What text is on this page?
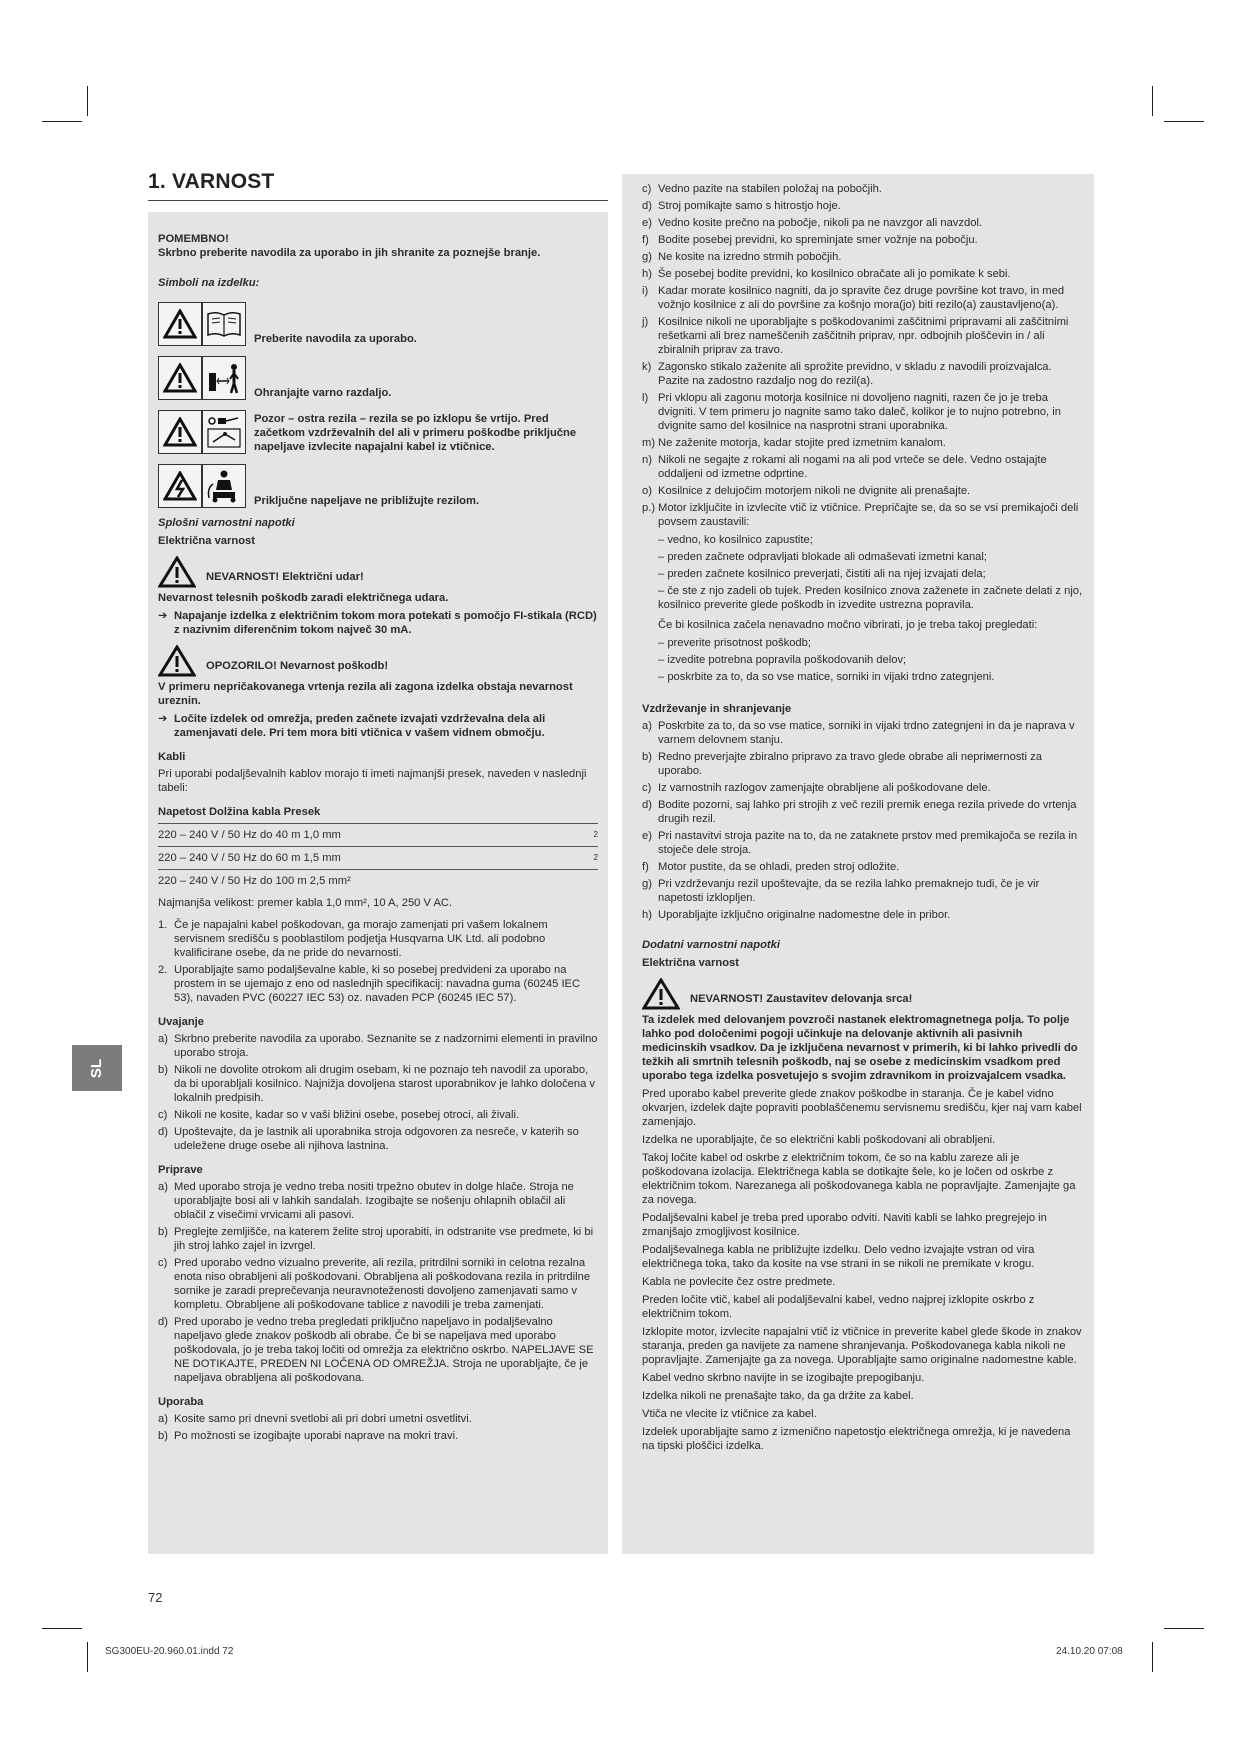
1. VARNOST

POMEMBNO!

Skrbno preberite navodila za uporabo in jih shranite za poznejše branje.

Simboli na izdelku:

Preberite navodila za uporabo.
Ohranjajte varno razdaljo.
Pozor – ostra rezila – rezila se po izklopu še vrtijo. Pred začetkom vzdrževalnih del ali v primeru poškodbe priključne napeljave izvlecite napajalni kabel iz vtičnice.
Priključne napeljave ne približujte rezilom.

Splošni varnostni napotki

Električna varnost

NEVARNOST! Električni udar!

Nevarnost telesnih poškodb zaradi električnega udara.

➔ Napajanje izdelka z električnim tokom mora potekati s pomočjo FI-stikala (RCD) z nazivnim diferenčnim tokom največ 30 mA.
OPOZORILO! Nevarnost poškodb!

V primeru nepričakovanega vrtenja rezila ali zagona izdelka obstaja nevarnost ureznin.

➔ Ločite izdelek od omrežja, preden začnete izvajati vzdrževalna dela ali zamenjavati dele. Pri tem mora biti vtičnica v vašem vidnem območju.

Kabli

Pri uporabi podaljševalnih kablov morajo ti imeti najmanjši presek, naveden v naslednji tabeli:

Napetost Dolžina kabla Presek

220 – 240 V / 50 Hz do 40 m 1,0 mm	2
220 – 240 V / 50 Hz do 60 m 1,5 mm	2
220 – 240 V / 50 Hz do 100 m 2,5 mm²	

Najmanjša velikost: premer kabla 1,0 mm², 10 A, 250 V AC.

1. Če je napajalni kabel poškodovan, ga morajo zamenjati pri vašem lokalnem servisnem središču s pooblastilom podjetja Husqvarna UK Ltd. ali podobno kvalificirane osebe, da ne pride do nevarnosti.
2. Uporabljajte samo podaljševalne kable, ki so posebej predvideni za uporabo na prostem in se ujemajo z eno od naslednjih specifikacij: navadna guma (60245 IEC 53), navaden PVC (60227 IEC 53) oz. navaden PCP (60245 IEC 57).

Uvajanje

a) Skrbno preberite navodila za uporabo. Seznanite se z nadzornimi elementi in pravilno uporabo stroja.
b) Nikoli ne dovolite otrokom ali drugim osebam, ki ne poznajo teh navodil za uporabo, da bi uporabljali kosilnico. Najnižja dovoljena starost uporabnikov je lahko določena v lokalnih predpisih.
c) Nikoli ne kosite, kadar so v vaši bližini osebe, posebej otroci, ali živali.
d) Upoštevajte, da je lastnik ali uporabnika stroja odgovoren za nesreče, v katerih so udeležene druge osebe ali njihova lastnina.

Priprave

a) Med uporabo stroja je vedno treba nositi trpežno obutev in dolge hlače. Stroja ne uporabljajte bosi ali v lahkih sandalah. Izogibajte se nošenju ohlapnih oblačil ali oblačil z visečimi vrvicami ali pasovi.
b) Preglejte zemljišče, na katerem želite stroj uporabiti, in odstranite vse predmete, ki bi jih stroj lahko zajel in izvrgel.
c) Pred uporabo vedno vizualno preverite, ali rezila, pritrdilni sorniki in celotna rezalna enota niso obrabljeni ali poškodovani. Obrabljena ali poškodovana rezila in pritrdilne sornike je zaradi preprečevanja neuravnoteženosti dovoljeno zamenjavati samo v kompletu. Obrabljene ali poškodovane tablice z navodili je treba zamenjati.
d) Pred uporabo je vedno treba pregledati priključno napeljavo in podaljševalno napeljavo glede znakov poškodb ali obrabe. Če bi se napeljava med uporabo poškodovala, jo je treba takoj ločiti od omrežja za električno oskrbo. NAPELJAVE SE NE DOTIKAJTE, PREDEN NI LOČENA OD OMREŽJA. Stroja ne uporabljajte, če je napeljava obrabljena ali poškodovana.

Uporaba

a) Kosite samo pri dnevni svetlobi ali pri dobri umetni osvetlitvi.
b) Po možnosti se izogibajte uporabi naprave na mokri travi.
c) Vedno pazite na stabilen položaj na pobočjih.
d) Stroj pomikajte samo s hitrostjo hoje.
e) Vedno kosite prečno na pobočje, nikoli pa ne navzgor ali navzdol.
f) Bodite posebej previdni, ko spreminjate smer vožnje na pobočju.
g) Ne kosite na izredno strmih pobočjih.
h) Še posebej bodite previdni, ko kosilnico obračate ali jo pomikate k sebi.
i) Kadar morate kosilnico nagniti, da jo spravite čez druge površine kot travo, in med vožnjo kosilnice z ali do površine za košnjo mora(jo) biti rezilo(a) zaustavljeno(a).
j) Kosilnice nikoli ne uporabljajte s poškodovanimi zaščitnimi pripravami ali zaščitnimi rešetkami ali brez nameščenih zaščitnih priprav, npr. odbojnih ploščevin in / ali zbiralnih priprav za travo.
k) Zagonsko stikalo zaženite ali sprožite previdno, v skladu z navodili proizvajalca. Pazite na zadostno razdaljo nog do rezil(a).
l) Pri vklopu ali zagonu motorja kosilnice ni dovoljeno nagniti, razen če jo je treba dvigniti. V tem primeru jo nagnite samo tako daleč, kolikor je to nujno potrebno, in dvignite samo del kosilnice na nasprotni strani uporabnika.
m) Ne zaženite motorja, kadar stojite pred izmetnim kanalom.
n) Nikoli ne segajte z rokami ali nogami na ali pod vrteče se dele. Vedno ostajajte oddaljeni od izmetne odprtine.
o) Kosilnice z delujočim motorjem nikoli ne dvignite ali prenašajte.
p.) Motor izključite in izvlecite vtič iz vtičnice. Prepričajte se, da so se vsi premikajoči deli povsem zaustavili:
– vedno, ko kosilnico zapustite;
– preden začnete odpravljati blokade ali odmaševati izmetni kanal;
– preden začnete kosilnico preverjati, čistiti ali na njej izvajati dela;
– če ste z njo zadeli ob tujek. Preden kosilnico znova zaženete in začnete delati z njo, kosilnico preverite glede poškodb in izvedite ustrezna popravila.

Če bi kosilnica začela nenavadno močno vibrirati, jo je treba takoj pregledati:

– preverite prisotnost poškodb;
– izvedite potrebna popravila poškodovanih delov;
– poskrbite za to, da so vse matice, sorniki in vijaki trdno zategnjeni.

Vzdrževanje in shranjevanje

a) Poskrbite za to, da so vse matice, sorniki in vijaki trdno zategnjeni in da je naprava v varnem delovnem stanju.
b) Redno preverjajte zbiralno pripravo za travo glede obrabe ali nepriмernosti za uporabo.
c) Iz varnostnih razlogov zamenjajte obrabljene ali poškodovane dele.
d) Bodite pozorni, saj lahko pri strojih z več rezili premik enega rezila privede do vrtenja drugih rezil.
e) Pri nastavitvi stroja pazite na to, da ne zataknete prstov med premikajoča se rezila in stoječe dele stroja.
f) Motor pustite, da se ohladi, preden stroj odložite.
g) Pri vzdrževanju rezil upoštevajte, da se rezila lahko premaknejo tudi, če je vir napetosti izklopljen.
h) Uporabljajte izključno originalne nadomestne dele in pribor.

Dodatni varnostni napotki

Električna varnost

NEVARNOST! Zaustavitev delovanja srca!

Ta izdelek med delovanjem povzroči nastanek elektromagnetnega polja. To polje lahko pod določenimi pogoji učinkuje na delovanje aktivnih ali pasivnih medicinskih vsadkov. Da je izključena nevarnost v primerih, ki bi lahko privedli do težkih ali smrtnih telesnih poškodb, naj se osebe z medicinskim vsadkom pred uporabo tega izdelka posvetujejo s svojim zdravnikom in proizvajalcem vsadka.

Pred uporabo kabel preverite glede znakov poškodbe in staranja. Če je kabel vidno okvarjen, izdelek dajte popraviti pooblaščenemu servisnemu središču, kjer naj vam kabel zamenjajo.

Izdelka ne uporabljajte, če so električni kabli poškodovani ali obrabljeni.

Takoj ločite kabel od oskrbe z električnim tokom, če so na kablu zareze ali je poškodovana izolacija. Električnega kabla se dotikajte šele, ko je ločen od oskrbe z električnim tokom. Narezanega ali poškodovanega kabla ne popravljajte. Zamenjajte ga za novega.

Podaljševalni kabel je treba pred uporabo odviti. Naviti kabli se lahko pregrejejo in zmanjšajo zmogljivost kosilnice.

Podaljševalnega kabla ne približujte izdelku. Delo vedno izvajajte vstran od vira električnega toka, tako da kosite na vse strani in se nikoli ne premikate v krogu.

Kabla ne povlecite čez ostre predmete.

Preden ločite vtič, kabel ali podaljševalni kabel, vedno najprej izklopite oskrbo z električnim tokom.

Izklopite motor, izvlecite napajalni vtič iz vtičnice in preverite kabel glede škode in znakov staranja, preden ga navijete za namene shranjevanja. Poškodovanega kabla nikoli ne popravljajte. Zamenjajte ga za novega. Uporabljajte samo originalne nadomestne kable.

Kabel vedno skrbno navijte in se izogibajte prepogibanju.

Izdelka nikoli ne prenašajte tako, da ga držite za kabel.

Vtiča ne vlecite iz vtičnice za kabel.

Izdelek uporabljajte samo z izmenično napetostjo električnega omrežja, ki je navedena na tipski ploščici izdelka.

SL
72
SG300EU-20.960.01.indd 72	24.10.20 07:08
